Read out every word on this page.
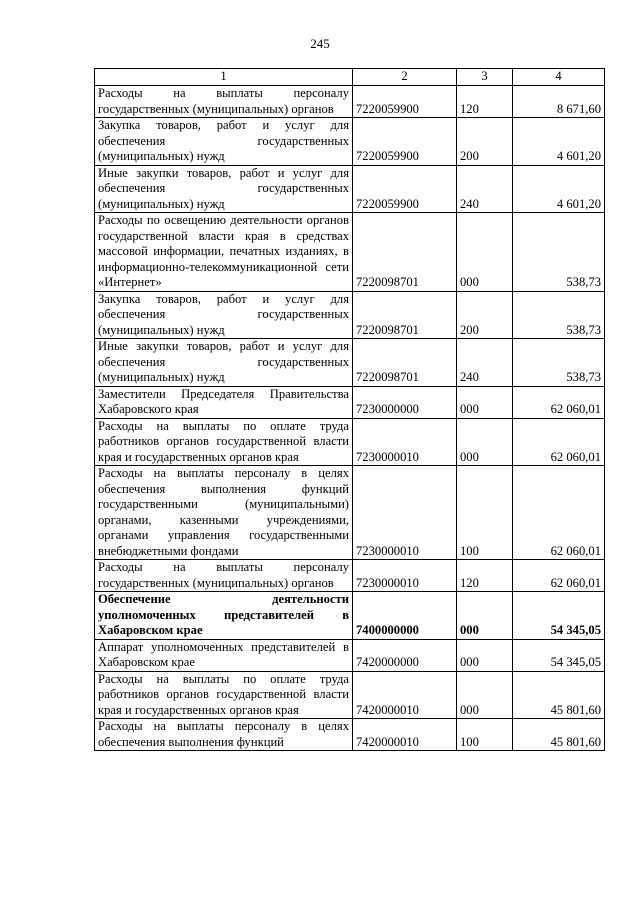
245
1	2	3	4
Расходы на выплаты персоналу государственных (муниципальных) органов	7220059900	120	8 671,60
Закупка товаров, работ и услуг для обеспечения государственных (муниципальных) нужд	7220059900	200	4 601,20
Иные закупки товаров, работ и услуг для обеспечения государственных (муниципальных) нужд	7220059900	240	4 601,20
Расходы по освещению деятельности органов государственной власти края в средствах массовой информации, печатных изданиях, в информационно-телекоммуникационной сети «Интернет»	7220098701	000	538,73
Закупка товаров, работ и услуг для обеспечения государственных (муниципальных) нужд	7220098701	200	538,73
Иные закупки товаров, работ и услуг для обеспечения государственных (муниципальных) нужд	7220098701	240	538,73
Заместители Председателя Правительства Хабаровского края	7230000000	000	62 060,01
Расходы на выплаты по оплате труда работников органов государственной власти края и государственных органов края	7230000010	000	62 060,01
Расходы на выплаты персоналу в целях обеспечения выполнения функций государственными (муниципальными) органами, казенными учреждениями, органами управления государственными внебюджетными фондами	7230000010	100	62 060,01
Расходы на выплаты персоналу государственных (муниципальных) органов	7230000010	120	62 060,01
Обеспечение деятельности уполномоченных представителей в Хабаровском крае	7400000000	000	54 345,05
Аппарат уполномоченных представителей в Хабаровском крае	7420000000	000	54 345,05
Расходы на выплаты по оплате труда работников органов государственной власти края и государственных органов края	7420000010	000	45 801,60
Расходы на выплаты персоналу в целях обеспечения выполнения функций	7420000010	100	45 801,60
